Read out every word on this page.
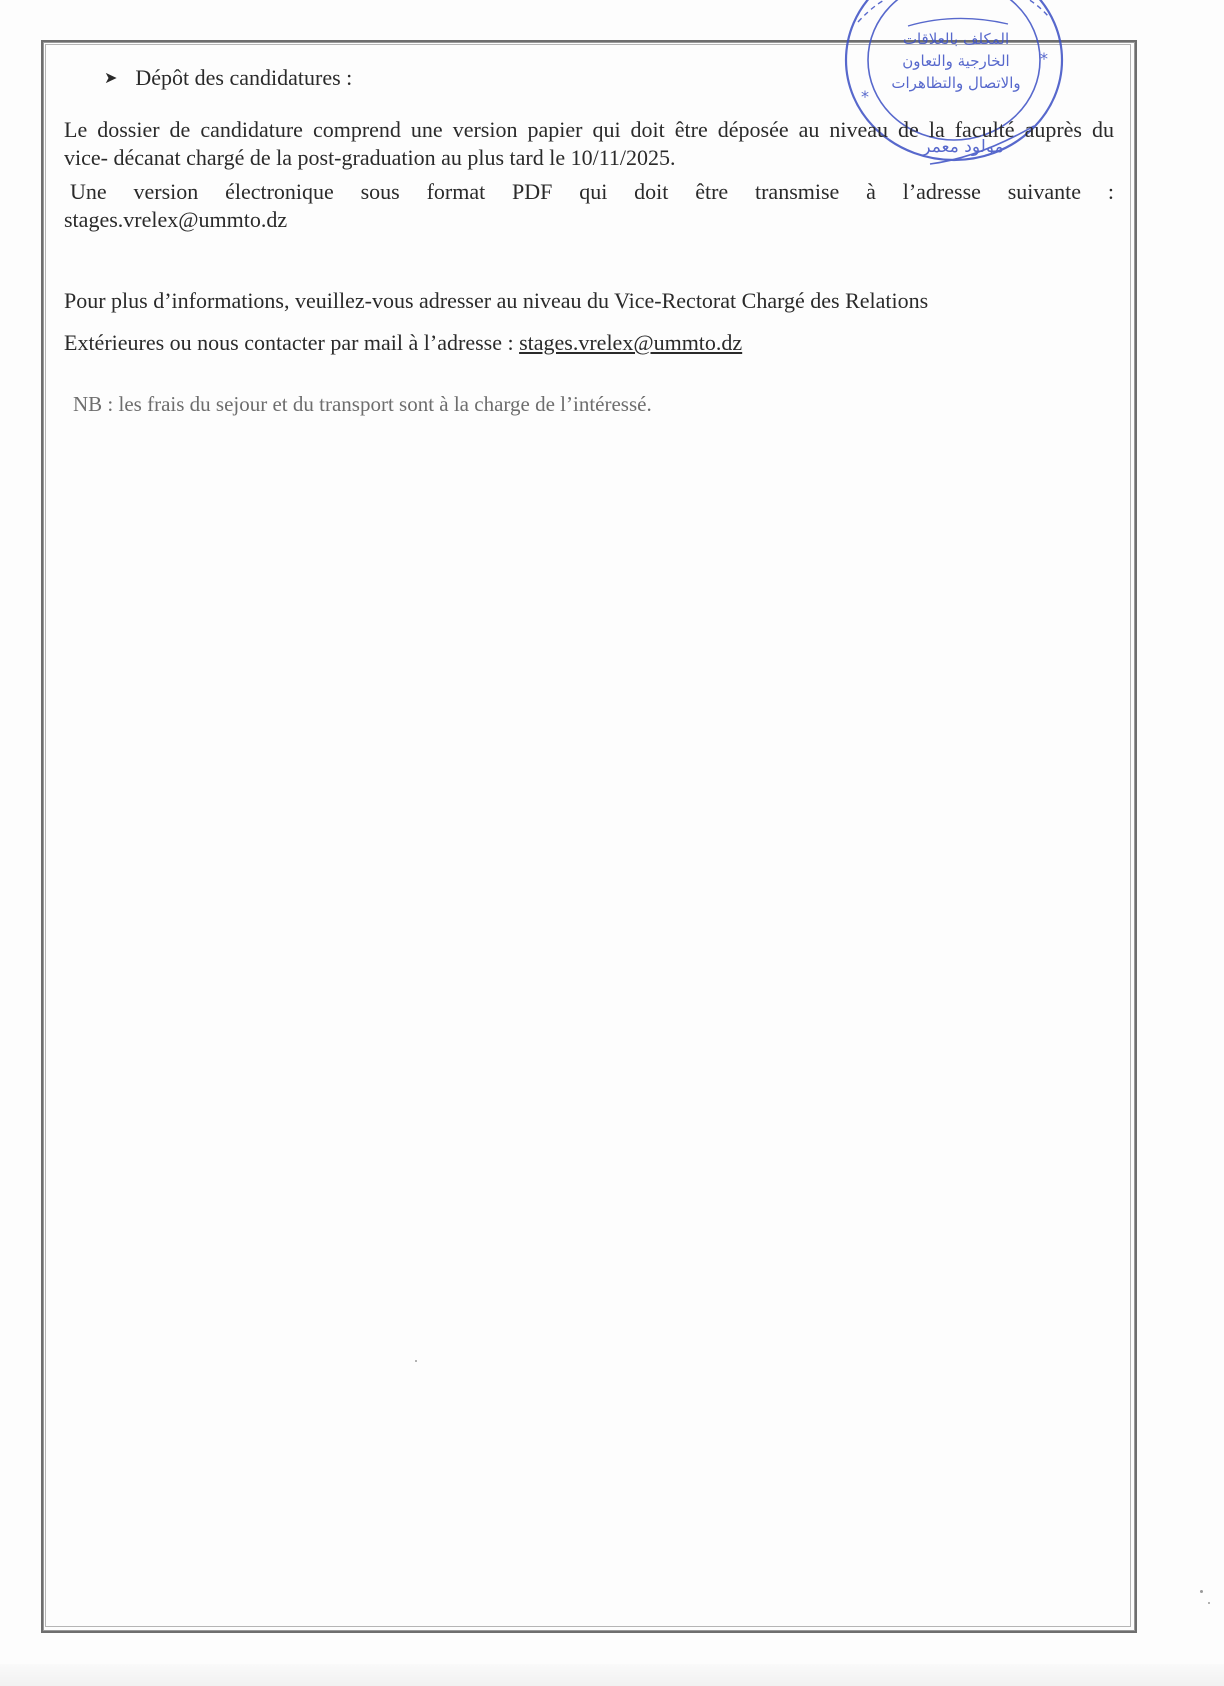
المكلف بالعلاقات
الخارجية والتعاون
والاتصال والتظاهرات
مولود معمر
*
*
➤ Dépôt des candidatures :
Le dossier de candidature comprend une version papier qui doit être déposée au niveau de la faculté auprès du
vice- décanat chargé de la post-graduation au plus tard le 10/11/2025.
Une version électronique sous format PDF qui doit être transmise à l’adresse suivante :
stages.vrelex@ummto.dz
Pour plus d’informations, veuillez-vous adresser au niveau du Vice-Rectorat Chargé des Relations
Extérieures ou nous contacter par mail à l’adresse : stages.vrelex@ummto.dz
NB : les frais du sejour et du transport sont à la charge de l’intéressé.
